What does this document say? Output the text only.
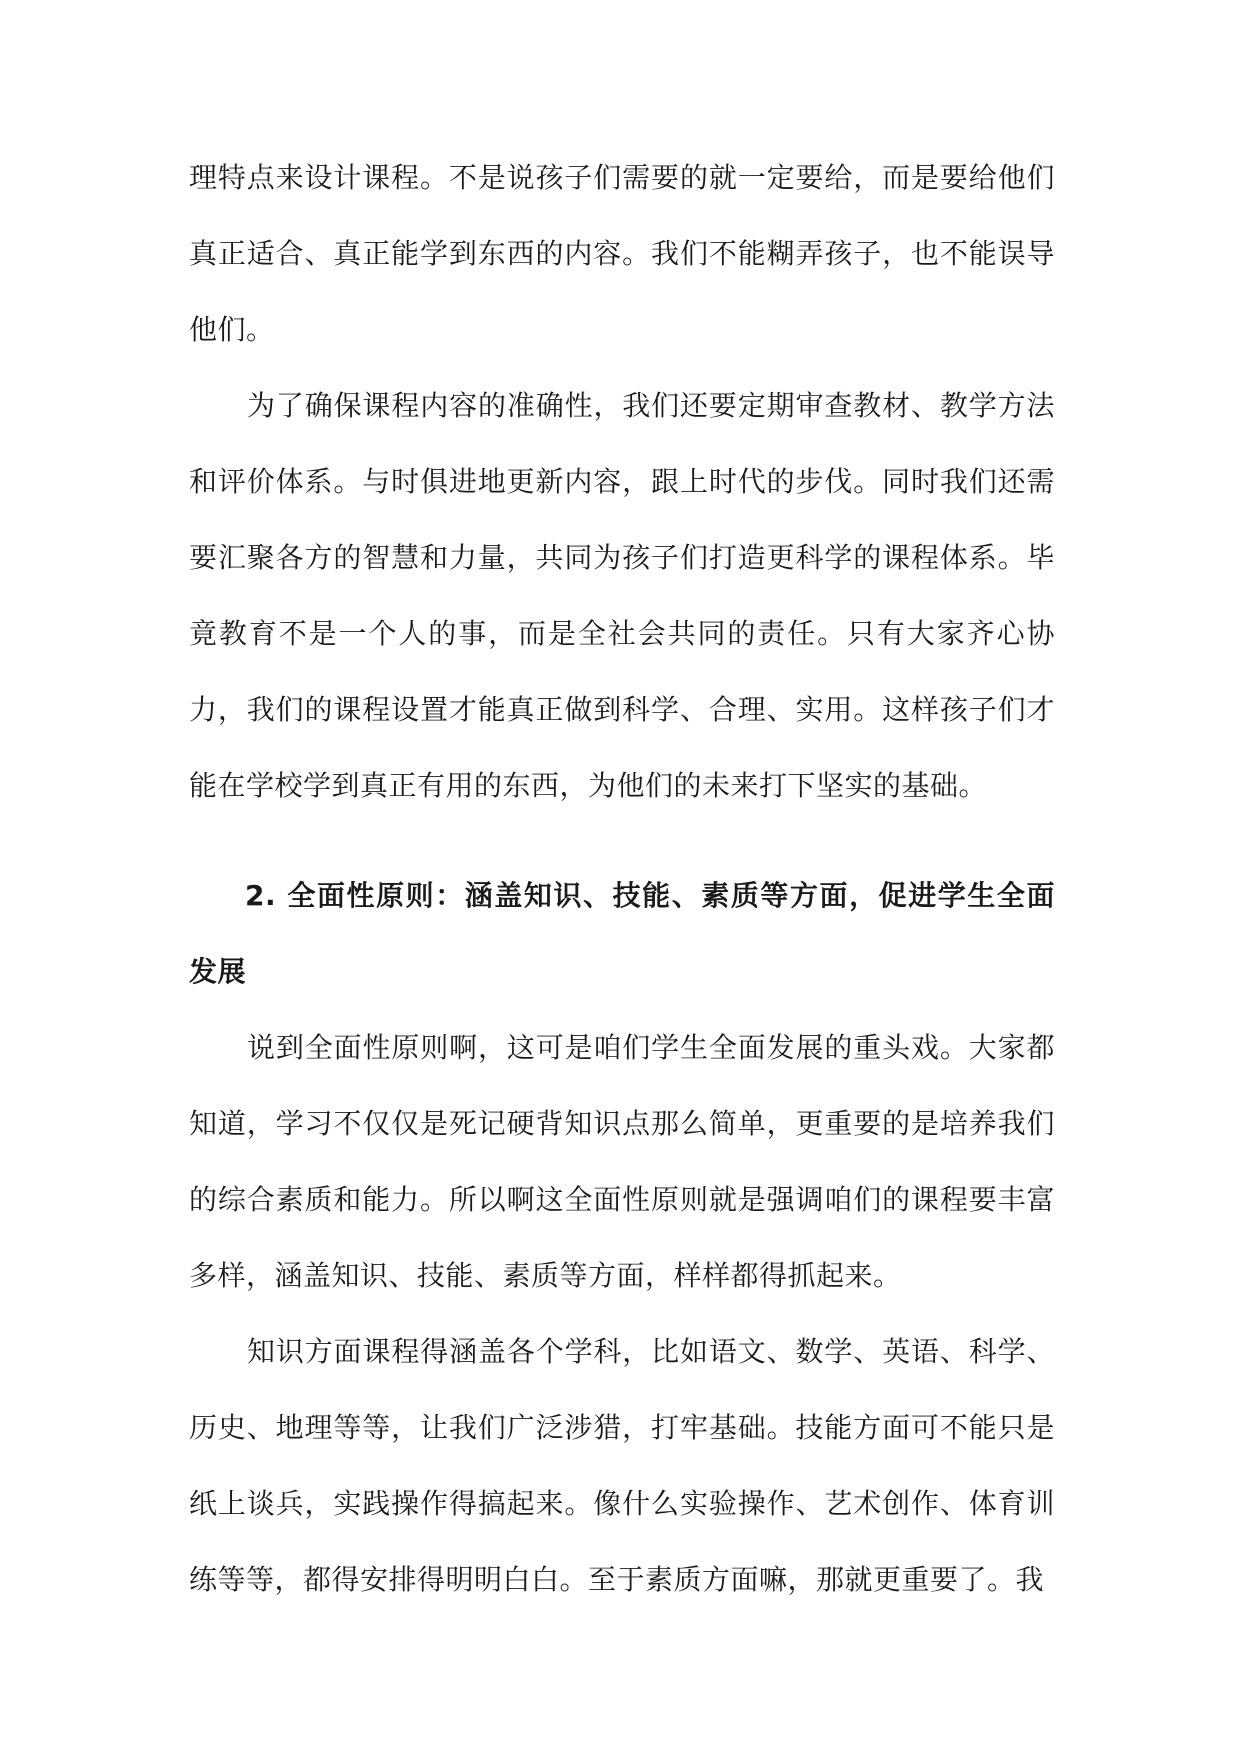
理特点来设计课程。不是说孩子们需要的就一定要给，而是要给他们真正适合、真正能学到东西的内容。我们不能糊弄孩子，也不能误导他们。

为了确保课程内容的准确性，我们还要定期审查教材、教学方法和评价体系。与时俱进地更新内容，跟上时代的步伐。同时我们还需要汇聚各方的智慧和力量，共同为孩子们打造更科学的课程体系。毕竟教育不是一个人的事，而是全社会共同的责任。只有大家齐心协力，我们的课程设置才能真正做到科学、合理、实用。这样孩子们才能在学校学到真正有用的东西，为他们的未来打下坚实的基础。

2. 全面性原则：涵盖知识、技能、素质等方面，促进学生全面发展

说到全面性原则啊，这可是咱们学生全面发展的重头戏。大家都知道，学习不仅仅是死记硬背知识点那么简单，更重要的是培养我们的综合素质和能力。所以啊这全面性原则就是强调咱们的课程要丰富多样，涵盖知识、技能、素质等方面，样样都得抓起来。

知识方面课程得涵盖各个学科，比如语文、数学、英语、科学、历史、地理等等，让我们广泛涉猎，打牢基础。技能方面可不能只是纸上谈兵，实践操作得搞起来。像什么实验操作、艺术创作、体育训练等等，都得安排得明明白白。至于素质方面嘛，那就更重要了。我
